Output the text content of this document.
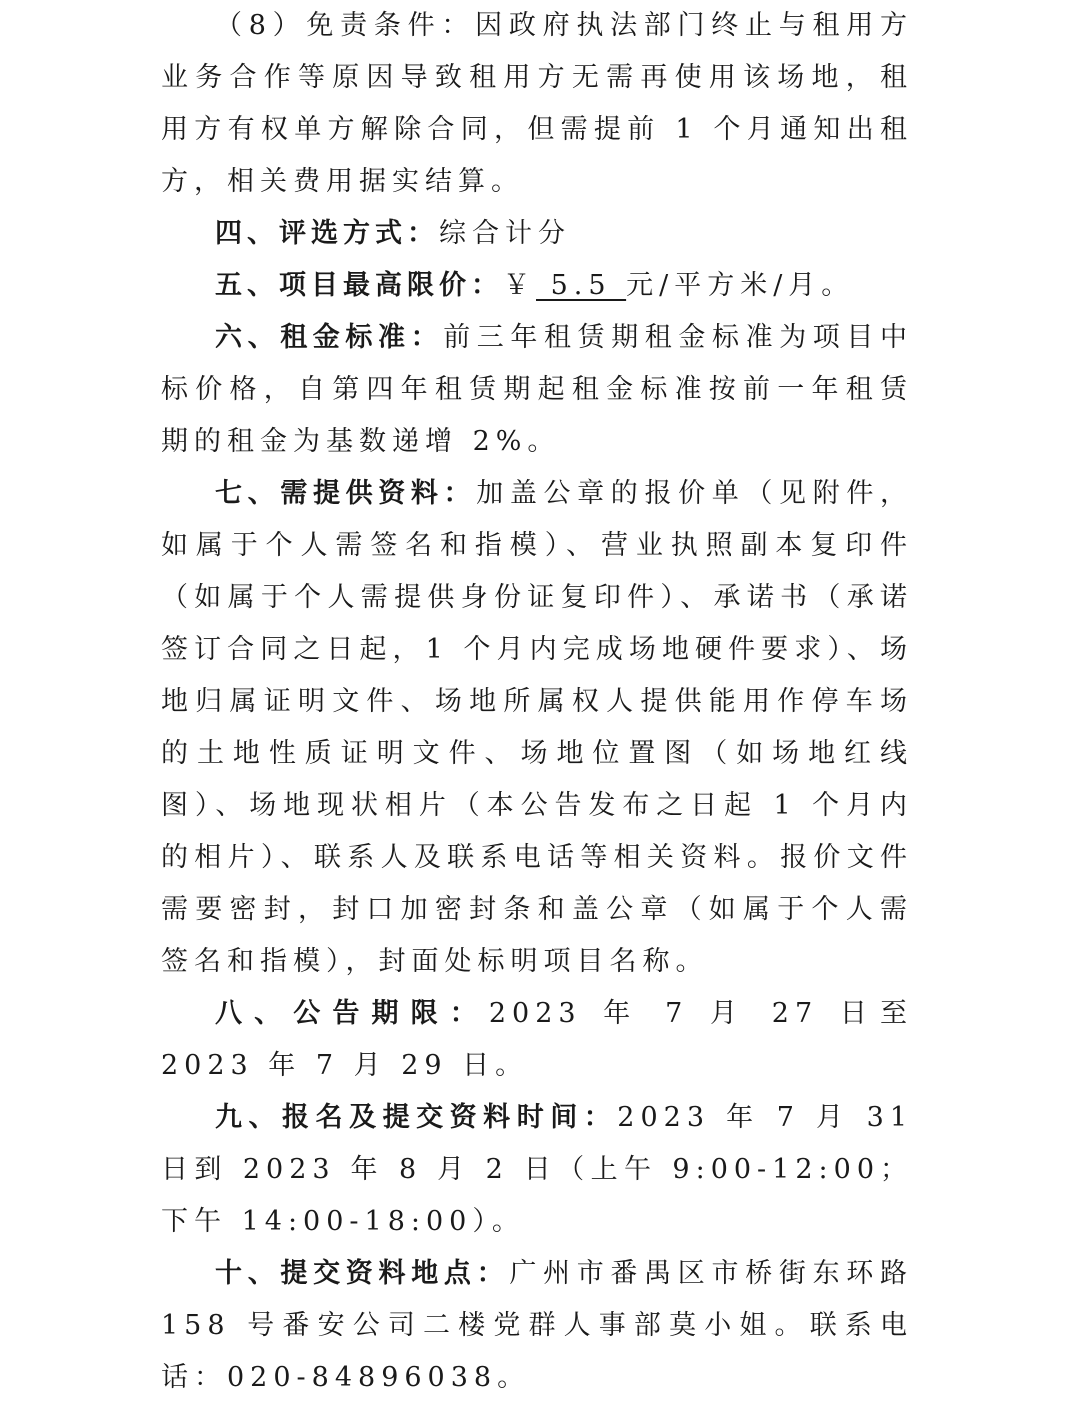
（8）免责条件：因政府执法部门终止与租用方业务合作等原因导致租用方无需再使用该场地，租用方有权单方解除合同，但需提前 1 个月通知出租方，相关费用据实结算。

四、评选方式：综合计分

五、项目最高限价：￥ 5.5 元/平方米/月。

六、租金标准：前三年租赁期租金标准为项目中标价格，自第四年租赁期起租金标准按前一年租赁期的租金为基数递增 2%。

七、需提供资料：加盖公章的报价单（见附件，如属于个人需签名和指模）、营业执照副本复印件（如属于个人需提供身份证复印件）、承诺书（承诺签订合同之日起，1 个月内完成场地硬件要求）、场地归属证明文件、场地所属权人提供能用作停车场的土地性质证明文件、场地位置图（如场地红线图）、场地现状相片（本公告发布之日起 1 个月内的相片）、联系人及联系电话等相关资料。报价文件需要密封，封口加密封条和盖公章（如属于个人需签名和指模），封面处标明项目名称。

八、公告期限：2023 年 7 月 27 日至 2023 年 7 月 29 日。

九、报名及提交资料时间：2023 年 7 月 31 日到 2023 年 8 月 2 日（上午 9:00-12:00；下午 14:00-18:00）。

十、提交资料地点：广州市番禺区市桥街东环路 158 号番安公司二楼党群人事部莫小姐。联系电话：020-84896038。
